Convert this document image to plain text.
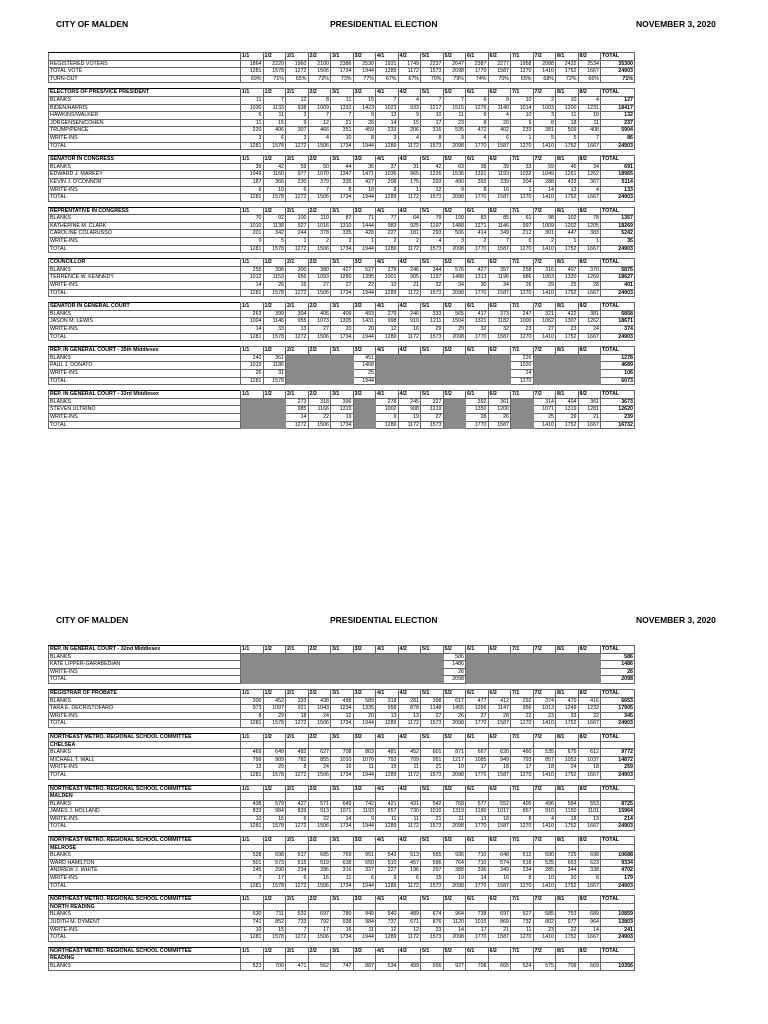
CITY OF MALDEN	PRESIDENTIAL ELECTION	NOVEMBER 3, 2020
	1/1	1/2	2/1	2/2	3/1	3/2	4/1	4/2	5/1	5/2	6/1	6/2	7/1	7/2	8/1	8/2	TOTAL
REGISTERED VOTERS	1864	2220	1960	2100	2386	2530	1931	1749	2237	2647	2387	2277	1958	2088	2432	2534	35300
TOTAL VOTE	1281	1578	1272	1506	1734	1944	1289	1172	1573	2098	1770	1587	1270	1410	1752	1667	24903
TURN-OUT	69%	71%	65%	72%	73%	77%	67%	67%	70%	79%	74%	70%	65%	68%	72%	66%	71%

ELECTORS OF PRES/VICE PRESIDENT	1/1	1/2	2/1	2/2	3/1	3/2	4/1	4/2	5/1	5/2	6/1	6/2	7/1	7/2	8/1	8/2	TOTAL
BLANKS	11	7	12	8	11	15	7	4	7	7	6	9	10	2	10	4	127
BIDEN/HARRIS	1030	1133	938	1009	1332	1423	1023	933	1217	1515	1276	1140	1014	1003	1200	1231	18417
HAWKINS/WALKER	6	11	3	7	7	9	13	9	10	11	9	4	10	3	11	10	132
JORGENSEN/COHEN	11	15	9	12	21	26	14	15	17	23	8	20	9	8	18	11	237
TRUMP/PENCE	220	406	307	466	351	459	233	206	316	535	472	402	233	381	509	408	5904
WRITE-INS	3	6	3	4	10	8	3	4	8	9	4	6	1	5	5	7	86
TOTAL	1281	1578	1272	1506	1734	1944	1289	1172	1573	2098	1770	1587	1270	1410	1752	1667	24903

SENATOR IN CONGRESS	1/1	1/2	2/1	2/2	3/1	3/2	4/1	4/2	5/1	5/2	6/1	6/2	7/1	7/2	8/1	8/2	TOTAL
BLANKS	39	42	59	50	44	36	37	31	42	63	38	39	33	59	45	34	691
EDWARD J. MARKEY	1049	1160	977	1070	1347	1471	1036	965	1226	1536	1331	1193	1032	1049	1261	1262	18965
KEVIN J. O'CONNOR	187	366	230	379	335	427	208	175	293	490	393	339	204	288	433	367	5114
WRITE-INS	6	10	6	7	8	10	8	1	12	9	8	16	1	14	13	4	133
TOTAL	1281	1578	1272	1506	1734	1944	1289	1172	1573	2098	1770	1587	1270	1410	1752	1667	24903

REPRENTATIVE IN CONGRESS	1/1	1/2	2/1	2/2	3/1	3/2	4/1	4/2	5/1	5/2	6/1	6/2	7/1	7/2	8/1	8/2	TOTAL
BLANKS	70	92	100	110	87	71	77	64	79	100	83	85	61	98	102	78	1357
KATHERINE M. CLARK	1010	1138	927	1016	1310	1444	983	925	1197	1488	1271	1146	997	1009	1202	1205	18269
CAROLINE COLARUSSO	201	342	244	378	335	428	227	181	293	506	414	349	212	301	447	383	5242
WRITE-INS	0	5	1	2	2	1	2	2	4	3	2	7	0	2	1	1	35
TOTAL	1281	1578	1272	1506	1734	1944	1289	1172	1573	2098	1770	1587	1270	1410	1752	1667	24903

COUNCILLOR	1/1	1/2	2/1	2/2	3/1	3/2	4/1	4/2	5/1	5/2	6/1	6/2	7/1	7/2	8/1	8/2	TOTAL
BLANKS	255	398	300	380	427	527	278	246	344	576	427	357	258	316	407	370	5875
TERRENCE W. KENNEDY	1012	1153	956	1093	1280	1395	1001	905	1197	1488	1313	1196	986	1063	1320	1269	18627
WRITE-INS	14	26	16	27	27	22	10	21	32	34	30	34	26	29	25	28	401
TOTAL	1281	1578	1272	1506	1734	1944	1289	1172	1573	2098	1770	1587	1270	1410	1752	1667	24903

SENATOR IN GENERAL COURT	1/1	1/2	2/1	2/2	3/1	3/2	4/1	4/2	5/1	5/2	6/1	6/2	7/1	7/2	8/1	8/2	TOTAL
BLANKS	263	399	304	406	409	493	279	246	333	565	417	373	247	321	422	381	5858
JASON M. LEWIS	1004	1146	955	1073	1305	1431	998	910	1211	1504	1321	1182	1000	1062	1307	1262	18671
WRITE-INS	14	33	13	27	20	20	12	16	29	29	32	32	23	27	23	24	374
TOTAL	1281	1578	1272	1506	1734	1944	1289	1172	1573	2098	1770	1587	1270	1410	1752	1667	24903

REP. IN GENERAL COURT - 35th Middlesex	1/1	1/2	2/1	2/2	3/1	3/2	4/1	4/2	5/1	5/2	6/1	6/2	7/1	7/2	8/1	8/2	TOTAL
BLANKS	240	361				451							226				1278
PAUL J. DONATO	1015	1186				1468							1020				4689
WRITE-INS	26	31				25							24				106
TOTAL	1281	1578				1944							1270				6073

REP. IN GENERAL COURT - 33rd Middlesex	1/1	1/2	2/1	2/2	3/1	3/2	4/1	4/2	5/1	5/2	6/1	6/2	7/1	7/2	8/1	8/2	TOTAL
BLANKS			273	318	396		278	245	327		392	361		314	404	361	3673
STEVEN ULTRINO			985	1166	1319		1002	908	1219		1350	1200		1071	1319	1281	12620
WRITE-INS			14	22	19		9	19	27		28	26		25	29	21	239
TOTAL			1272	1506	1734		1289	1172	1573		1770	1587		1410	1752	1667	16732
CITY OF MALDEN	PRESIDENTIAL ELECTION	NOVEMBER 3, 2020
REP. IN GENERAL COURT - 32nd Middlesex	1/1	1/2	2/1	2/2	3/1	3/2	4/1	4/2	5/1	5/2	6/1	6/2	7/1	7/2	8/1	8/2	TOTAL
BLANKS										586							586
KATE LIPPER-GARABEDIAN										1486							1486
WRITE-INS										26							26
TOTAL										2098							2098

REGISTRAR OF PROBATE	1/1	1/2	2/1	2/2	3/1	3/2	4/1	4/2	5/1	5/2	6/1	6/2	7/1	7/2	8/1	8/2	TOTAL
BLANKS	300	452	333	438	488	589	318	281	398	617	477	412	292	374	470	416	6653
TARA E. DECRISTOFARO	973	1097	921	1043	1234	1335	958	878	1148	1455	1266	1147	956	1013	1249	1232	17905
WRITE-INS	8	29	18	24	12	20	13	13	27	26	27	28	22	23	33	22	345
TOTAL	1281	1578	1272	1506	1734	1944	1289	1172	1573	2098	1770	1587	1270	1410	1752	1667	24903

NORTHEAST METRO. REGIONAL SCHOOL COMMITTEE	1/1	1/2	2/1	2/2	3/1	3/2	4/1	4/2	5/1	5/2	6/1	6/2	7/1	7/2	8/1	8/2	TOTAL
CHELSEA																	
BLANKS	469	649	482	627	708	863	481	452	601	871	667	620	460	535	675	612	9772
MICHAEL T. WALL	799	909	782	855	1010	1070	793	709	951	1217	1085	949	793	857	1053	1037	14872
WRITE-INS	13	20	8	24	16	11	15	11	21	10	17	18	17	18	24	18	259
TOTAL	1281	1578	1272	1506	1734	1944	1289	1172	1573	2098	1770	1587	1270	1410	1752	1667	24903

NORTHEAST METRO. REGIONAL SCHOOL COMMITTEE	1/1	1/2	2/1	2/2	3/1	3/2	4/1	4/2	5/1	5/2	6/1	6/2	7/1	7/2	8/1	8/2	TOTAL
MALDEN																	
BLANKS	438	579	427	571	649	742	421	431	542	768	577	552	405	496	584	553	8725
JAMES J. HOLLAND	833	984	839	913	1071	1193	857	730	1010	1319	1180	1017	857	910	1150	1101	15964
WRITE-INS	10	15	6	22	14	9	11	11	21	11	13	18	8	4	18	13	214
TOTAL	1281	1578	1272	1506	1734	1944	1289	1172	1573	2098	1770	1587	1270	1410	1752	1667	24903

NORTHEAST METRO. REGIONAL SCHOOL COMMITTEE	1/1	1/2	2/1	2/2	3/1	3/2	4/1	4/2	5/1	5/2	6/1	6/2	7/1	7/2	8/1	8/2	TOTAL
MELROSE																	
BLANKS	528	698	517	685	769	951	543	513	665	936	710	648	512	590	725	698	10688
WARD HAMILTON	501	573	515	519	638	650	510	457	596	764	710	574	516	525	663	623	9334
ANDREW J. WHITE	245	290	234	286	316	337	227	196	297	388	336	349	234	285	344	338	4702
WRITE-INS	7	17	6	16	11	6	9	6	15	10	14	16	8	10	20	8	179
TOTAL	1281	1578	1272	1506	1734	1944	1289	1172	1573	2098	1770	1587	1270	1410	1752	1667	24903

NORTHEAST METRO. REGIONAL SCHOOL COMMITTEE	1/1	1/2	2/1	2/2	3/1	3/2	4/1	4/2	5/1	5/2	6/1	6/2	7/1	7/2	8/1	8/2	TOTAL
NORTH READING																	
BLANKS	530	711	532	697	780	949	540	489	674	964	738	697	527	585	753	689	10859
JUDITH M. DYMENT	741	852	733	792	938	984	737	671	876	1120	1015	869	732	802	977	964	13803
WRITE-INS	10	15	7	17	16	11	12	12	23	14	17	21	11	23	22	14	241
TOTAL	1281	1578	1272	1506	1734	1944	1289	1172	1573	2098	1770	1587	1270	1410	1752	1667	24903

NORTHEAST METRO. REGIONAL SCHOOL COMMITTEE	1/1	1/2	2/1	2/2	3/1	3/2	4/1	4/2	5/1	5/2	6/1	6/2	7/1	7/2	8/1	8/2	TOTAL
READING																	
BLANKS	523	700	471	562	747	887	534	499	656	927	708	665	524	575	709	669	10356
